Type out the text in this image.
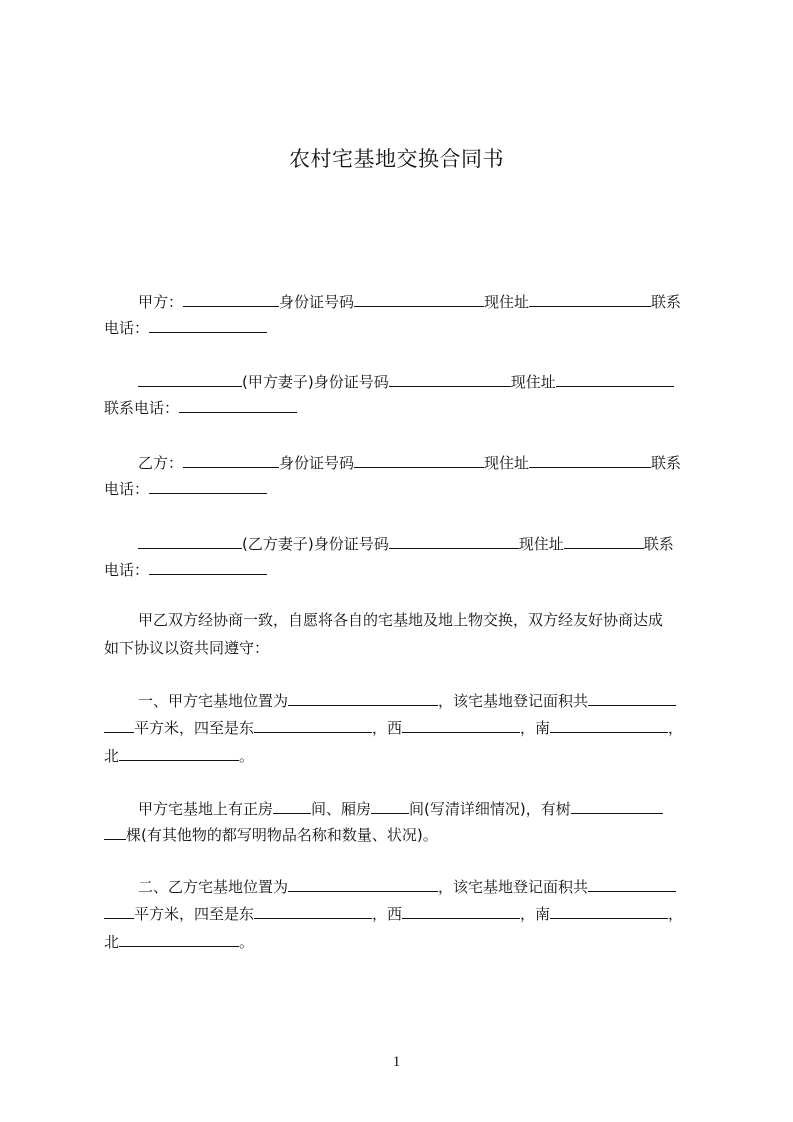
农村宅基地交换合同书
甲方：	身份证号码	现住址	联系
电话：
(甲方妻子)身份证号码	现住址
联系电话：
乙方：	身份证号码	现住址	联系
电话：
(乙方妻子)身份证号码	现住址	联系
电话：
甲乙双方经协商一致，自愿将各自的宅基地及地上物交换，双方经友好协商达成
如下协议以资共同遵守：
一、甲方宅基地位置为	，该宅基地登记面积共
平方米，四至是东	，西	，南	，
北	。
甲方宅基地上有正房	间、厢房	间(写清详细情况)，有树
棵(有其他物的都写明物品名称和数量、状况)。
二、乙方宅基地位置为	，该宅基地登记面积共
平方米，四至是东	，西	，南	，
北	。
1
